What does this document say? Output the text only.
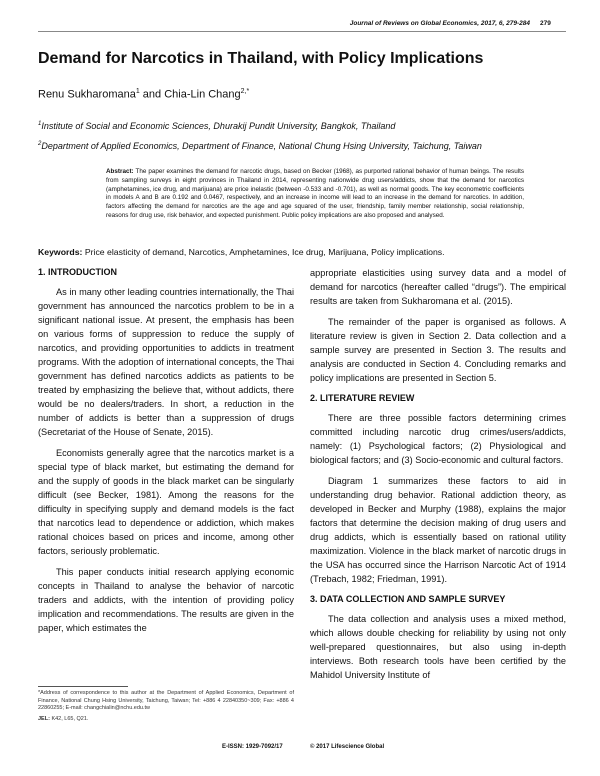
Journal of Reviews on Global Economics, 2017, 6, 279-284 279
Demand for Narcotics in Thailand, with Policy Implications
Renu Sukharomana$^1$ and Chia-Lin Chang$^{2,*}$
$^1$Institute of Social and Economic Sciences, Dhurakij Pundit University, Bangkok, Thailand
$^2$Department of Applied Economics, Department of Finance, National Chung Hsing University, Taichung, Taiwan
Abstract: The paper examines the demand for narcotic drugs, based on Becker (1968), as purported rational behavior of human beings. The results from sampling surveys in eight provinces in Thailand in 2014, representing nationwide drug users/addicts, show that the demand for narcotics (amphetamines, ice drug, and marijuana) are price inelastic (between -0.533 and -0.701), as well as normal goods. The key econometric coefficients in models A and B are 0.192 and 0.0467, respectively, and an increase in income will lead to an increase in the demand for narcotics. In addition, factors affecting the demand for narcotics are the age and age squared of the user, friendship, family member relationship, social relationship, reasons for drug use, risk behavior, and expected punishment. Public policy implications are also proposed and analysed.
Keywords: Price elasticity of demand, Narcotics, Amphetamines, Ice drug, Marijuana, Policy implications.
1. INTRODUCTION

As in many other leading countries internationally, the Thai government has announced the narcotics problem to be in a significant national issue. At present, the emphasis has been on various forms of suppression to reduce the supply of narcotics, and providing opportunities to addicts in treatment programs. With the adoption of international concepts, the Thai government has defined narcotics addicts as patients to be treated by emphasizing the believe that, without addicts, there would be no dealers/traders. In short, a reduction in the number of addicts is better than a suppression of drugs (Secretariat of the House of Senate, 2015).

Economists generally agree that the narcotics market is a special type of black market, but estimating the demand for and the supply of goods in the black market can be singularly difficult (see Becker, 1981). Among the reasons for the difficulty in specifying supply and demand models is the fact that narcotics lead to dependence or addiction, which makes rational choices based on prices and income, among other factors, seriously problematic.

This paper conducts initial research applying economic concepts in Thailand to analyse the behavior of narcotic traders and addicts, with the intention of providing policy implication and recommendations. The results are given in the paper, which estimates the

appropriate elasticities using survey data and a model of demand for narcotics (hereafter called “drugs”). The empirical results are taken from Sukharomana et al. (2015).

The remainder of the paper is organised as follows. A literature review is given in Section 2. Data collection and a sample survey are presented in Section 3. The results and analysis are conducted in Section 4. Concluding remarks and policy implications are presented in Section 5.

2. LITERATURE REVIEW

There are three possible factors determining crimes committed including narcotic drug crimes/users/addicts, namely: (1) Psychological factors; (2) Physiological and biological factors; and (3) Socio-economic and cultural factors.

Diagram 1 summarizes these factors to aid in understanding drug behavior. Rational addiction theory, as developed in Becker and Murphy (1988), explains the major factors that determine the decision making of drug users and drug addicts, which is essentially based on rational utility maximization. Violence in the black market of narcotic drugs in the USA has occurred since the Harrison Narcotic Act of 1914 (Trebach, 1982; Friedman, 1991).

3. DATA COLLECTION AND SAMPLE SURVEY

The data collection and analysis uses a mixed method, which allows double checking for reliability by using not only well-prepared questionnaires, but also using in-depth interviews. Both research tools have been certified by the Mahidol University Institute of

*Address of correspondence to this author at the Department of Applied Economics, Department of Finance, National Chung Hsing University, Taichung, Taiwan; Tel: +886 4 22840350~309; Fax: +886 4 22860255; E-mail: changchialin@nchu.edu.tw
JEL: K42, L65, Q21.
E-ISSN: 1929-7092/17	© 2017 Lifescience Global
